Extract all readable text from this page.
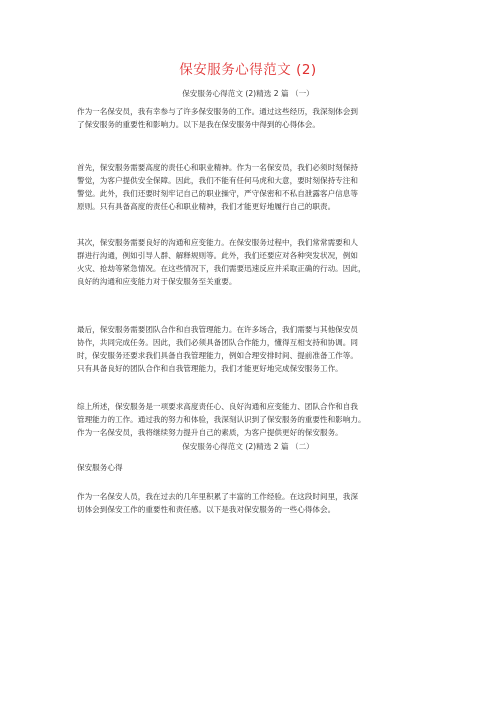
保安服务心得范文 (2)
保安服务心得范文 (2)精选 2 篇 （一）
作为一名保安员，我有幸参与了许多保安服务的工作。通过这些经历，我深刻体会到
了保安服务的重要性和影响力。以下是我在保安服务中得到的心得体会。
首先，保安服务需要高度的责任心和职业精神。作为一名保安员，我们必须时刻保持
警觉，为客户提供安全保障。因此，我们不能有任何马虎和大意，要时刻保持专注和
警觉。此外，我们还要时刻牢记自己的职业操守，严守保密和不私自泄露客户信息等
原则。只有具备高度的责任心和职业精神，我们才能更好地履行自己的职责。
其次，保安服务需要良好的沟通和应变能力。在保安服务过程中，我们常常需要和人
群进行沟通，例如引导人群、解释规则等。此外，我们还要应对各种突发状况，例如
火灾、抢劫等紧急情况。在这些情况下，我们需要迅速反应并采取正确的行动。因此，
良好的沟通和应变能力对于保安服务至关重要。
最后，保安服务需要团队合作和自我管理能力。在许多场合，我们需要与其他保安员
协作，共同完成任务。因此，我们必须具备团队合作能力，懂得互相支持和协调。同
时，保安服务还要求我们具备自我管理能力，例如合理安排时间、提前准备工作等。
只有具备良好的团队合作和自我管理能力，我们才能更好地完成保安服务工作。
综上所述，保安服务是一项要求高度责任心、良好沟通和应变能力、团队合作和自我
管理能力的工作。通过我的努力和体验，我深刻认识到了保安服务的重要性和影响力。
作为一名保安员，我将继续努力提升自己的素质，为客户提供更好的保安服务。
保安服务心得范文 (2)精选 2 篇 （二）
保安服务心得
作为一名保安人员，我在过去的几年里积累了丰富的工作经验。在这段时间里，我深
切体会到保安工作的重要性和责任感。以下是我对保安服务的一些心得体会。
